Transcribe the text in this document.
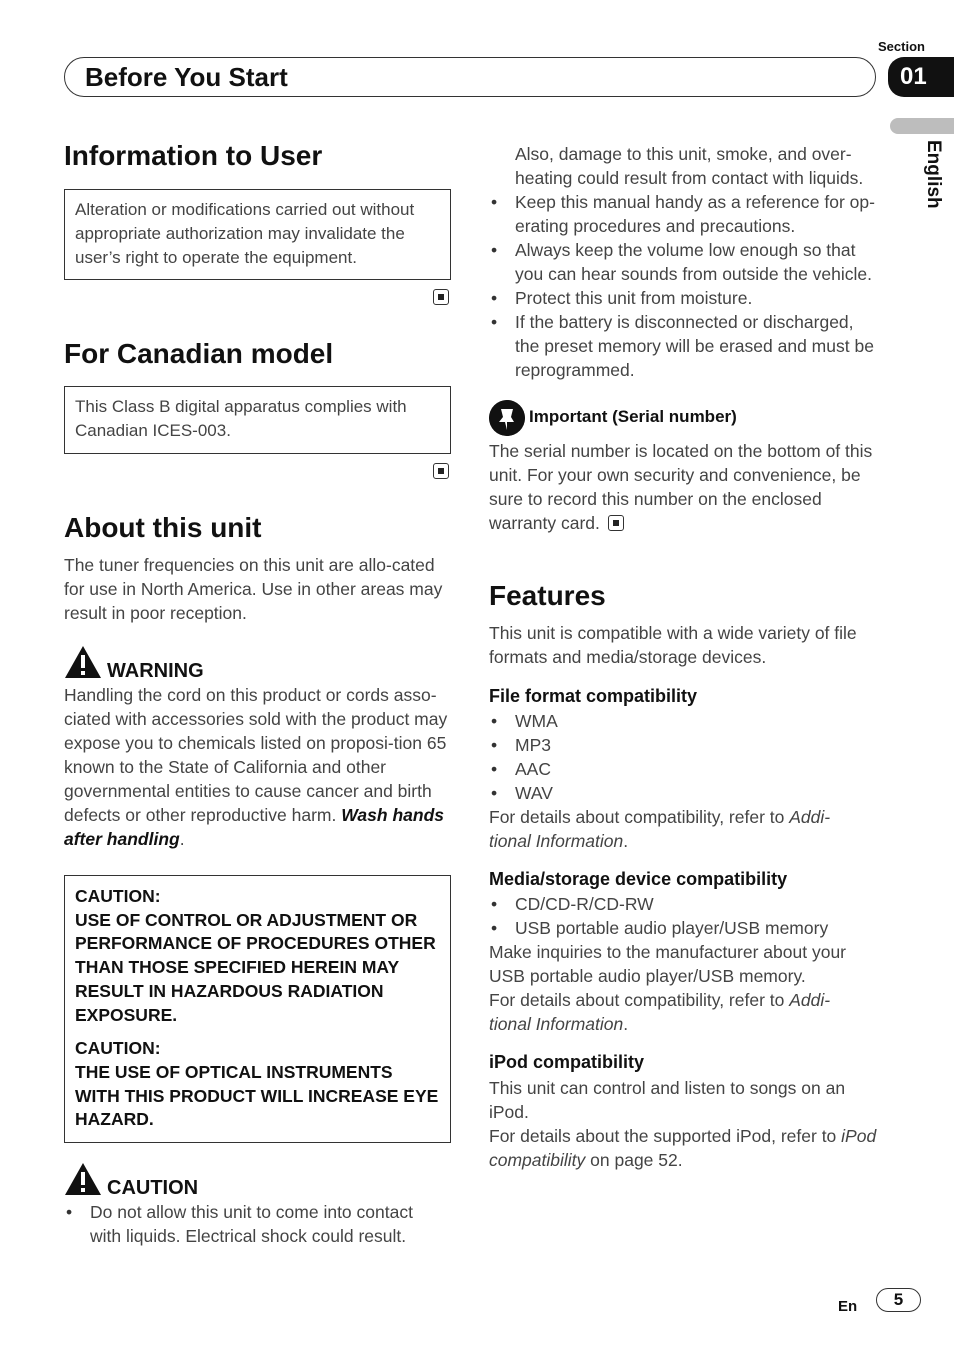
Section
Before You Start	01
English
Information to User
Alteration or modifications carried out without appropriate authorization may invalidate the user’s right to operate the equipment.
For Canadian model
This Class B digital apparatus complies with Canadian ICES-003.
About this unit
The tuner frequencies on this unit are allo-cated for use in North America. Use in other areas may result in poor reception.
WARNING
Handling the cord on this product or cords asso-ciated with accessories sold with the product may expose you to chemicals listed on proposi-tion 65 known to the State of California and other governmental entities to cause cancer and birth defects or other reproductive harm. Wash hands after handling.
CAUTION:
USE OF CONTROL OR ADJUSTMENT OR PERFORMANCE OF PROCEDURES OTHER THAN THOSE SPECIFIED HEREIN MAY RESULT IN HAZARDOUS RADIATION EXPOSURE.
CAUTION:
THE USE OF OPTICAL INSTRUMENTS WITH THIS PRODUCT WILL INCREASE EYE HAZARD.
CAUTION
• Do not allow this unit to come into contact with liquids. Electrical shock could result.
Also, damage to this unit, smoke, and over-heating could result from contact with liquids.
• Keep this manual handy as a reference for op-erating procedures and precautions.
• Always keep the volume low enough so that you can hear sounds from outside the vehicle.
• Protect this unit from moisture.
• If the battery is disconnected or discharged, the preset memory will be erased and must be reprogrammed.
Important (Serial number)
The serial number is located on the bottom of this unit. For your own security and convenience, be sure to record this number on the enclosed warranty card.
Features
This unit is compatible with a wide variety of file formats and media/storage devices.
File format compatibility
• WMA
• MP3
• AAC
• WAV
For details about compatibility, refer to Addi-tional Information.
Media/storage device compatibility
• CD/CD-R/CD-RW
• USB portable audio player/USB memory
Make inquiries to the manufacturer about your USB portable audio player/USB memory.
For details about compatibility, refer to Addi-tional Information.
iPod compatibility
This unit can control and listen to songs on an iPod.
For details about the supported iPod, refer to iPod compatibility on page 52.
En	5
